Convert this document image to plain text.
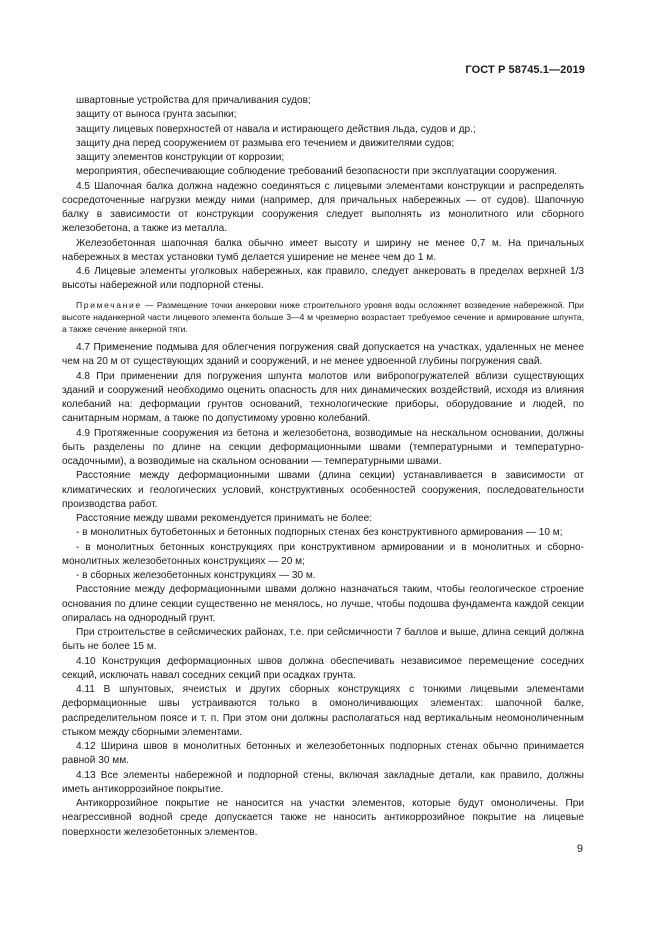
ГОСТ Р 58745.1—2019

швартовные устройства для причаливания судов;

защиту от выноса грунта засыпки;

защиту лицевых поверхностей от навала и истирающего действия льда, судов и др.;

защиту дна перед сооружением от размыва его течением и движителями судов;

защиту элементов конструкции от коррозии;

мероприятия, обеспечивающие соблюдение требований безопасности при эксплуатации сооружения.

4.5 Шапочная балка должна надежно соединяться с лицевыми элементами конструкции и распределять сосредоточенные нагрузки между ними (например, для причальных набережных — от судов). Шапочную балку в зависимости от конструкции сооружения следует выполнять из монолитного или сборного железобетона, а также из металла.

Железобетонная шапочная балка обычно имеет высоту и ширину не менее 0,7 м. На причальных набережных в местах установки тумб делается уширение не менее чем до 1 м.

4.6 Лицевые элементы уголковых набережных, как правило, следует анкеровать в пределах верхней 1/3 высоты набережной или подпорной стены.

Примечание — Размещение точки анкеровки ниже строительного уровня воды осложняет возведение набережной. При высоте наданкерной части лицевого элемента больше 3—4 м чрезмерно возрастает требуемое сечение и армирование шпунта, а также сечение анкерной тяги.

4.7 Применение подмыва для облегчения погружения свай допускается на участках, удаленных не менее чем на 20 м от существующих зданий и сооружений, и не менее удвоенной глубины погружения свай.

4.8 При применении для погружения шпунта молотов или вибропогружателей вблизи существующих зданий и сооружений необходимо оценить опасность для них динамических воздействий, исходя из влияния колебаний на: деформации грунтов оснований, технологические приборы, оборудование и людей, по санитарным нормам, а также по допустимому уровню колебаний.

4.9 Протяженные сооружения из бетона и железобетона, возводимые на нескальном основании, должны быть разделены по длине на секции деформационными швами (температурными и температурно-осадочными), а возводимые на скальном основании — температурными швами.

Расстояние между деформационными швами (длина секции) устанавливается в зависимости от климатических и геологических условий, конструктивных особенностей сооружения, последовательности производства работ.

Расстояние между швами рекомендуется принимать не более:

- в монолитных бутобетонных и бетонных подпорных стенах без конструктивного армирования — 10 м;

- в монолитных бетонных конструкциях при конструктивном армировании и в монолитных и сборно-монолитных железобетонных конструкциях — 20 м;

- в сборных железобетонных конструкциях — 30 м.

Расстояние между деформационными швами должно назначаться таким, чтобы геологическое строение основания по длине секции существенно не менялось, но лучше, чтобы подошва фундамента каждой секции опиралась на однородный грунт.

При строительстве в сейсмических районах, т.е. при сейсмичности 7 баллов и выше, длина секций должна быть не более 15 м.

4.10 Конструкция деформационных швов должна обеспечивать независимое перемещение соседних секций, исключать навал соседних секций при осадках грунта.

4.11 В шпунтовых, ячеистых и других сборных конструкциях с тонкими лицевыми элементами деформационные швы устраиваются только в омоноличивающих элементах: шапочной балке, распределительном поясе и т. п. При этом они должны располагаться над вертикальным неомоноличенным стыком между сборными элементами.

4.12 Ширина швов в монолитных бетонных и железобетонных подпорных стенах обычно принимается равной 30 мм.

4.13 Все элементы набережной и подпорной стены, включая закладные детали, как правило, должны иметь антикоррозийное покрытие.

Антикоррозийное покрытие не наносится на участки элементов, которые будут омоноличены. При неагрессивной водной среде допускается также не наносить антикоррозийное покрытие на лицевые поверхности железобетонных элементов.

9
